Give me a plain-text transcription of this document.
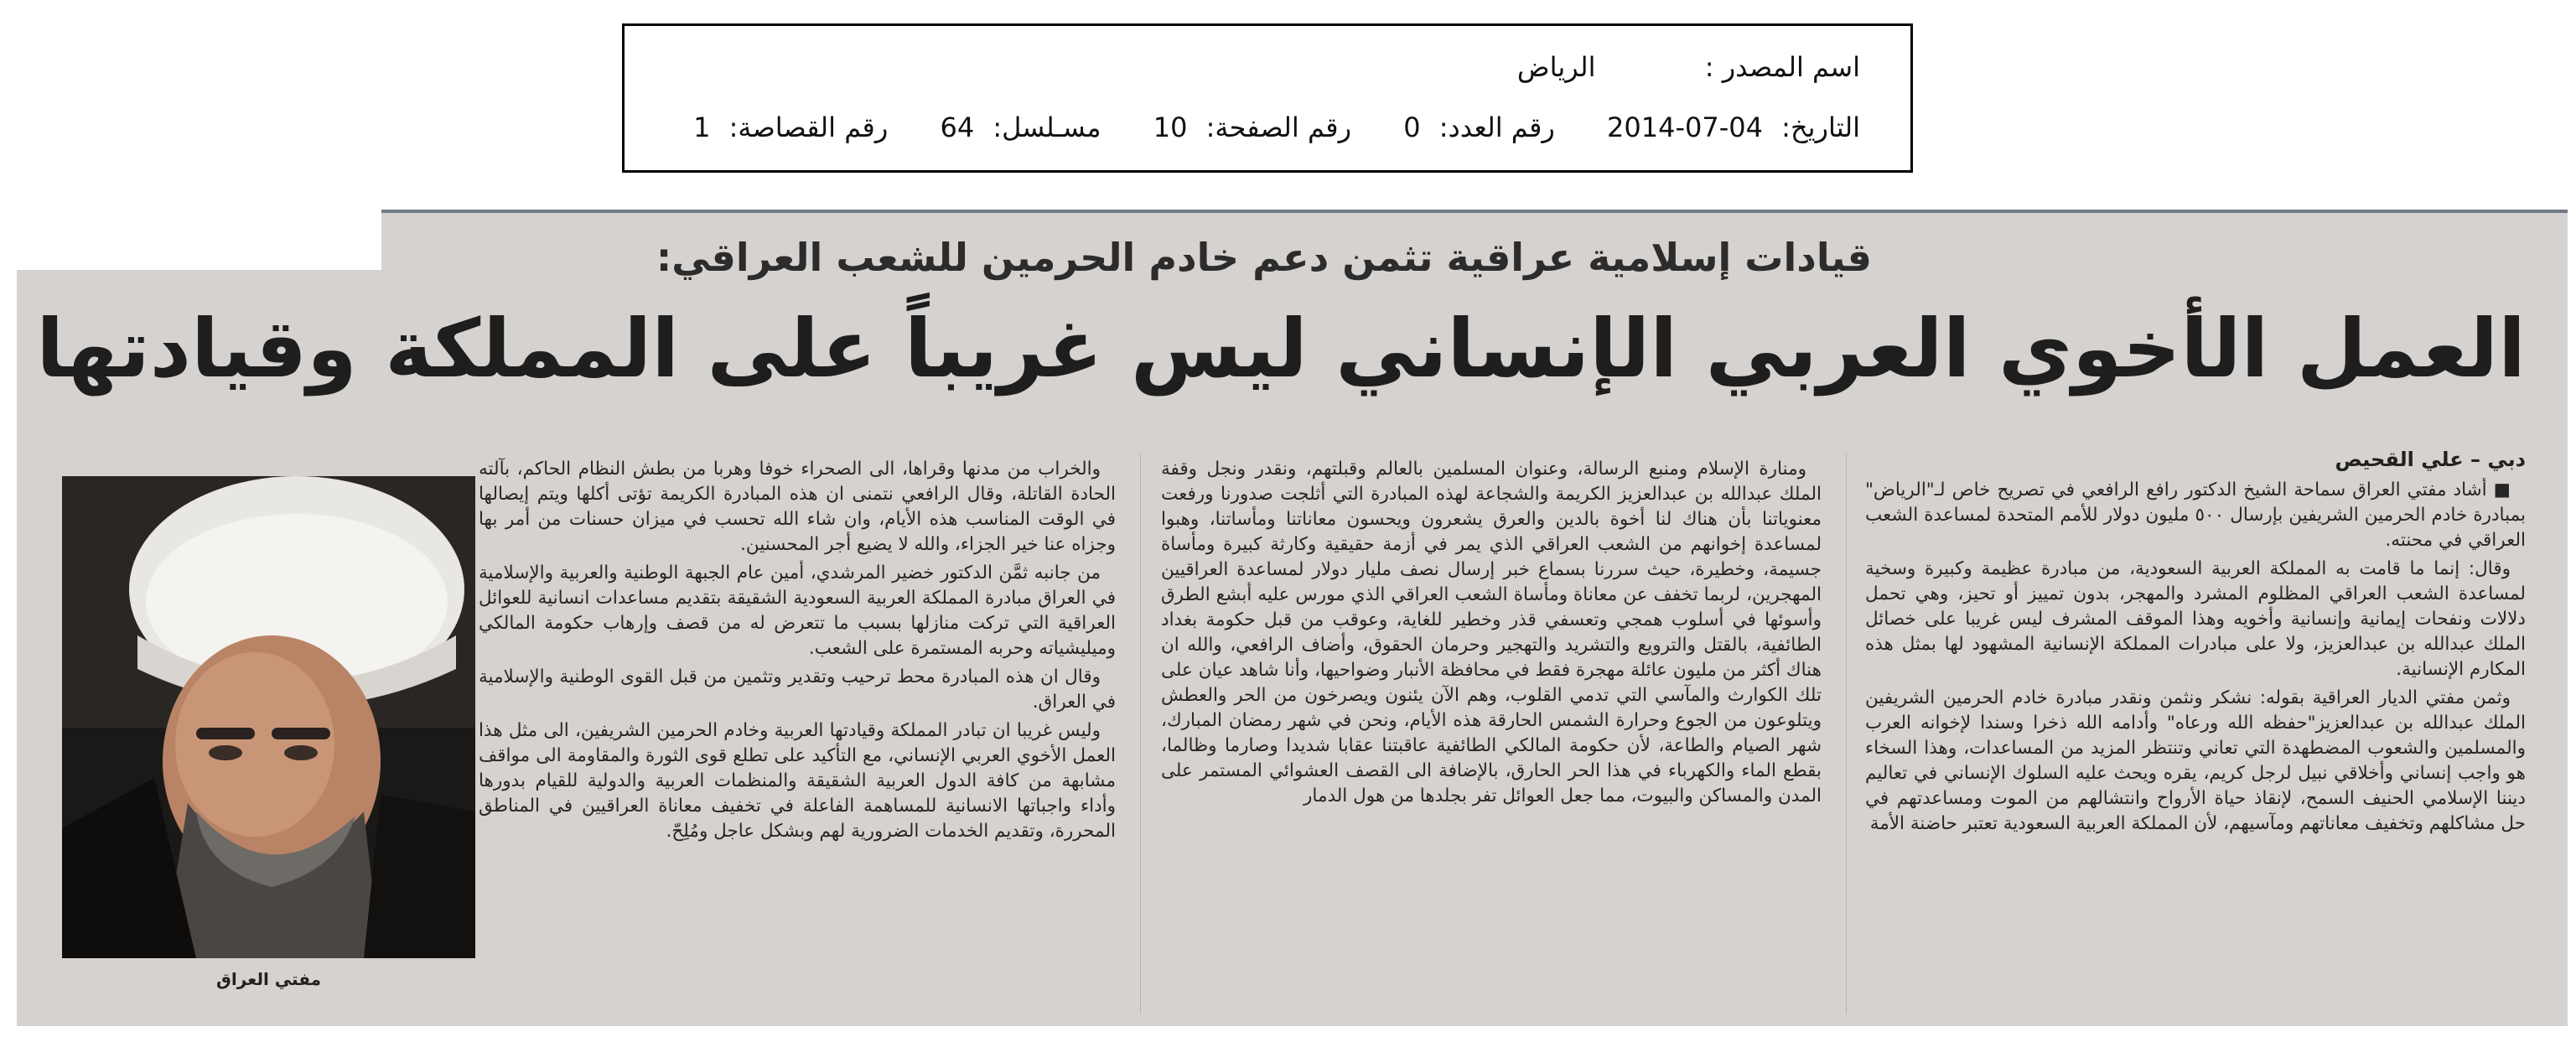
اسم المصدر : الرياض
التاريخ: 2014-07-04 رقم العدد: 0 رقم الصفحة: 10 مسـلسل: 64 رقم القصاصة: 1
قيادات إسلامية عراقية تثمن دعم خادم الحرمين للشعب العراقي:
العمل الأخوي العربي الإنساني ليس غريباً على المملكة وقيادتها
دبي – علي القحيص

■ أشاد مفتي العراق سماحة الشيخ الدكتور رافع الرافعي في تصريح خاص لـ"الرياض" بمبادرة خادم الحرمين الشريفين بإرسال ٥٠٠ مليون دولار للأمم المتحدة لمساعدة الشعب العراقي في محنته.

وقال: إنما ما قامت به المملكة العربية السعودية، من مبادرة عظيمة وكبيرة وسخية لمساعدة الشعب العراقي المظلوم المشرد والمهجر، بدون تمييز أو تحيز، وهي تحمل دلالات ونفحات إيمانية وإنسانية وأخويه وهذا الموقف المشرف ليس غريبا على خصائل الملك عبدالله بن عبدالعزيز، ولا على مبادرات المملكة الإنسانية المشهود لها بمثل هذه المكارم الإنسانية.

وثمن مفتي الديار العراقية بقوله: نشكر ونثمن ونقدر مبادرة خادم الحرمين الشريفين الملك عبدالله بن عبدالعزيز"حفظه الله ورعاه" وأدامه الله ذخرا وسندا لإخوانه العرب والمسلمين والشعوب المضطهدة التي تعاني وتنتظر المزيد من المساعدات، وهذا السخاء هو واجب إنساني وأخلاقي نبيل لرجل كريم، يقره ويحث عليه السلوك الإنساني في تعاليم ديننا الإسلامي الحنيف السمح، لإنقاذ حياة الأرواح وانتشالهم من الموت ومساعدتهم في حل مشاكلهم وتخفيف معاناتهم ومآسيهم، لأن المملكة العربية السعودية تعتبر حاضنة الأمة

ومنارة الإسلام ومنبع الرسالة، وعنوان المسلمين بالعالم وقبلتهم، ونقدر ونجل وقفة الملك عبدالله بن عبدالعزيز الكريمة والشجاعة لهذه المبادرة التي أثلجت صدورنا ورفعت معنوياتنا بأن هناك لنا أخوة بالدين والعرق يشعرون ويحسون معاناتنا ومأساتنا، وهبوا لمساعدة إخوانهم من الشعب العراقي الذي يمر في أزمة حقيقية وكارثة كبيرة ومأساة جسيمة، وخطيرة، حيث سررنا بسماع خبر إرسال نصف مليار دولار لمساعدة العراقيين المهجرين، لربما تخفف عن معاناة ومأساة الشعب العراقي الذي مورس عليه أبشع الطرق وأسوئها في أسلوب همجي وتعسفي قذر وخطير للغاية، وعوقب من قبل حكومة بغداد الطائفية، بالقتل والترويع والتشريد والتهجير وحرمان الحقوق، وأضاف الرافعي، والله ان هناك أكثر من مليون عائلة مهجرة فقط في محافظة الأنبار وضواحيها، وأنا شاهد عيان على تلك الكوارث والمآسي التي تدمي القلوب، وهم الآن يئنون ويصرخون من الحر والعطش ويتلوعون من الجوع وحرارة الشمس الحارقة هذه الأيام، ونحن في شهر رمضان المبارك، شهر الصيام والطاعة، لأن حكومة المالكي الطائفية عاقبتنا عقابا شديدا وصارما وظالما، بقطع الماء والكهرباء في هذا الحر الحارق، بالإضافة الى القصف العشوائي المستمر على المدن والمساكن والبيوت، مما جعل العوائل تفر بجلدها من هول الدمار

والخراب من مدنها وقراها، الى الصحراء خوفا وهربا من بطش النظام الحاكم، بآلته الحادة القاتلة، وقال الرافعي نتمنى ان هذه المبادرة الكريمة تؤتى أكلها ويتم إيصالها في الوقت المناسب هذه الأيام، وان شاء الله تحسب في ميزان حسنات من أمر بها وجزاه عنا خير الجزاء، والله لا يضيع أجر المحسنين.

من جانبه ثمَّن الدكتور خضير المرشدي، أمين عام الجبهة الوطنية والعربية والإسلامية في العراق مبادرة المملكة العربية السعودية الشقيقة بتقديم مساعدات انسانية للعوائل العراقية التي تركت منازلها بسبب ما تتعرض له من قصف وإرهاب حكومة المالكي وميليشياته وحربه المستمرة على الشعب.

وقال ان هذه المبادرة محط ترحيب وتقدير وتثمين من قبل القوى الوطنية والإسلامية في العراق.

وليس غريبا ان تبادر المملكة وقيادتها العربية وخادم الحرمين الشريفين، الى مثل هذا العمل الأخوي العربي الإنساني، مع التأكيد على تطلع قوى الثورة والمقاومة الى مواقف مشابهة من كافة الدول العربية الشقيقة والمنظمات العربية والدولية للقيام بدورها وأداء واجباتها الانسانية للمساهمة الفاعلة في تخفيف معاناة العراقيين في المناطق المحررة، وتقديم الخدمات الضرورية لهم وبشكل عاجل ومُلِحّ.

مفتي العراق
